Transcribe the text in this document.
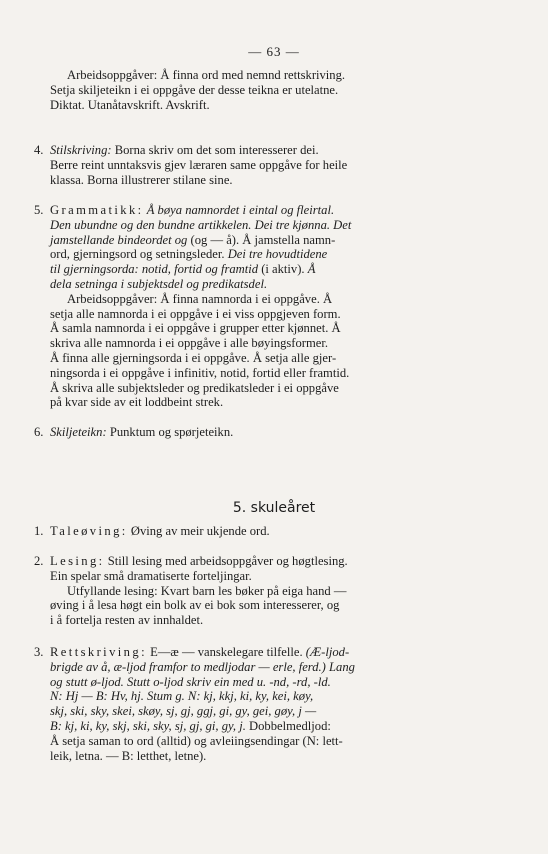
— 63 —
Arbeidsoppgåver: Å finna ord med nemnd rettskriving.
Setja skiljeteikn i ei oppgåve der desse teikna er utelatne.
Diktat. Utanåtavskrift. Avskrift.
4. Stilskriving: Borna skriv om det som interesserer dei.
Berre reint unntaksvis gjev læraren same oppgåve for heile
klassa. Borna illustrerer stilane sine.
5. Grammatikk: Å bøya namnordet i eintal og fleirtal.
Den ubundne og den bundne artikkelen. Dei tre kjønna. Det
jamstellande bindeordet og (og — å). Å jamstella namn-
ord, gjerningsord og setningsleder. Dei tre hovudtidene
til gjerningsorda: notid, fortid og framtid (i aktiv). Å
dela setninga i subjektsdel og predikatsdel.
Arbeidsoppgåver: Å finna namnorda i ei oppgåve. Å
setja alle namnorda i ei oppgåve i ei viss oppgjeven form.
Å samla namnorda i ei oppgåve i grupper etter kjønnet. Å
skriva alle namnorda i ei oppgåve i alle bøyingsformer.
Å finna alle gjerningsorda i ei oppgåve. Å setja alle gjer-
ningsorda i ei oppgåve i infinitiv, notid, fortid eller framtid.
Å skriva alle subjektsleder og predikatsleder i ei oppgåve
på kvar side av eit loddbeint strek.
6. Skiljeteikn: Punktum og spørjeteikn.
5. skuleåret
1. Taleøving: Øving av meir ukjende ord.
2. Lesing: Still lesing med arbeidsoppgåver og høgtlesing.
Ein spelar små dramatiserte forteljingar.
Utfyllande lesing: Kvart barn les bøker på eiga hand —
øving i å lesa høgt ein bolk av ei bok som interesserer, og
i å fortelja resten av innhaldet.
3. Rettskriving: E—æ — vanskelegare tilfelle. (Æ-ljod-
brigde av å, æ-ljod framfor to medljodar — erle, ferd.) Lang
og stutt ø-ljod. Stutt o-ljod skriv ein med u. -nd, -rd, -ld.
N: Hj — B: Hv, hj. Stum g. N: kj, kkj, ki, ky, kei, køy,
skj, ski, sky, skei, skøy, sj, gj, ggj, gi, gy, gei, gøy, j —
B: kj, ki, ky, skj, ski, sky, sj, gj, gi, gy, j. Dobbelmedljod:
Å setja saman to ord (alltid) og avleiingsendingar (N: lett-
leik, letna. — B: letthet, letne).
